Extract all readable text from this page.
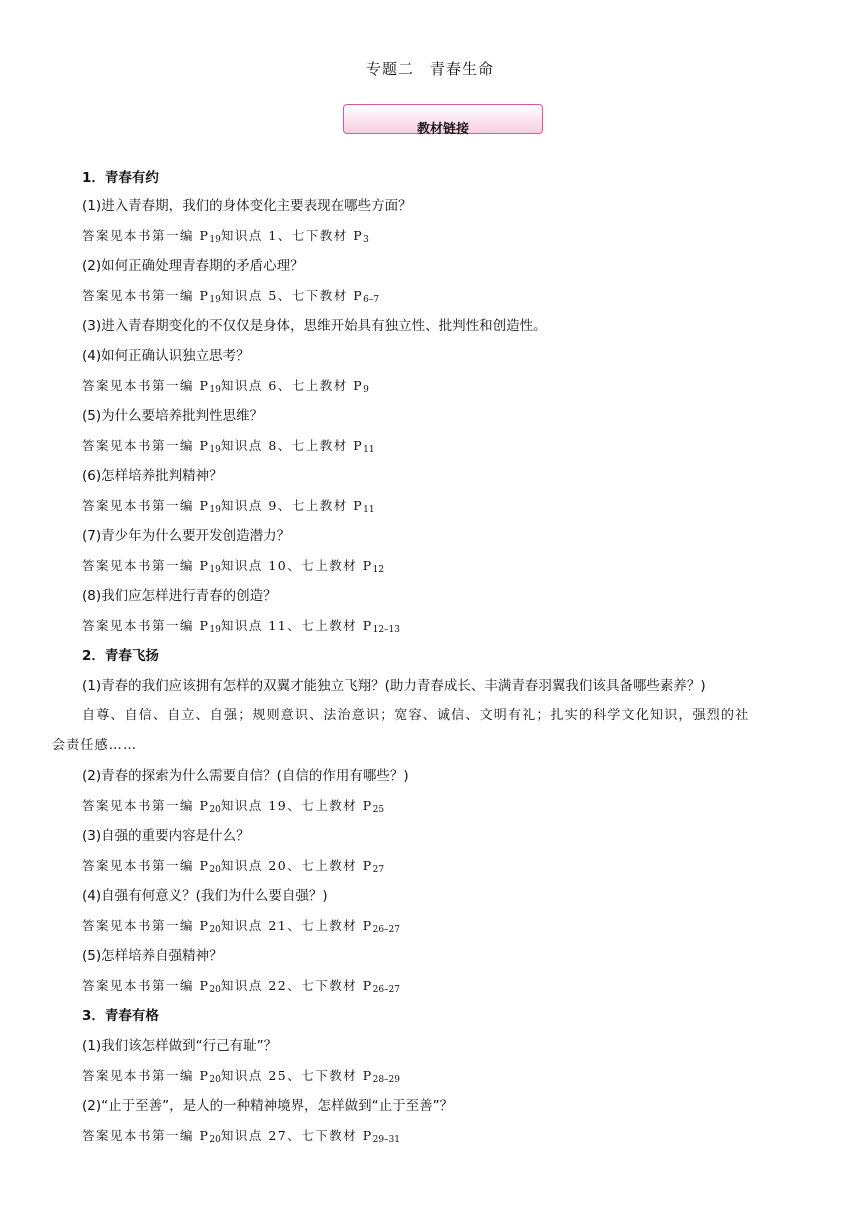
专题二　青春生命
教材链接
1．青春有约
(1)进入青春期，我们的身体变化主要表现在哪些方面？
答案见本书第一编 $P_{19}$知识点 1、七下教材 $P_3$
(2)如何正确处理青春期的矛盾心理？
答案见本书第一编 $P_{19}$知识点 5、七下教材 $P_{6-7}$
(3)进入青春期变化的不仅仅是身体，思维开始具有独立性、批判性和创造性。
(4)如何正确认识独立思考？
答案见本书第一编 $P_{19}$知识点 6、七上教材 $P_9$
(5)为什么要培养批判性思维？
答案见本书第一编 $P_{19}$知识点 8、七上教材 $P_{11}$
(6)怎样培养批判精神？
答案见本书第一编 $P_{19}$知识点 9、七上教材 $P_{11}$
(7)青少年为什么要开发创造潜力？
答案见本书第一编 $P_{19}$知识点 10、七上教材 $P_{12}$
(8)我们应怎样进行青春的创造？
答案见本书第一编 $P_{19}$知识点 11、七上教材 $P_{12-13}$
2．青春飞扬
(1)青春的我们应该拥有怎样的双翼才能独立飞翔？(助力青春成长、丰满青春羽翼我们该具备哪些素养？)
自尊、自信、自立、自强；规则意识、法治意识；宽容、诚信、文明有礼；扎实的科学文化知识，强烈的社
会责任感……
(2)青春的探索为什么需要自信？(自信的作用有哪些？)
答案见本书第一编 $P_{20}$知识点 19、七上教材 $P_{25}$
(3)自强的重要内容是什么？
答案见本书第一编 $P_{20}$知识点 20、七上教材 $P_{27}$
(4)自强有何意义？(我们为什么要自强？)
答案见本书第一编 $P_{20}$知识点 21、七上教材 $P_{26-27}$
(5)怎样培养自强精神？
答案见本书第一编 $P_{20}$知识点 22、七下教材 $P_{26-27}$
3．青春有格
(1)我们该怎样做到“行己有耻”？
答案见本书第一编 $P_{20}$知识点 25、七下教材 $P_{28-29}$
(2)“止于至善”，是人的一种精神境界，怎样做到“止于至善”？
答案见本书第一编 $P_{20}$知识点 27、七下教材 $P_{29-31}$
